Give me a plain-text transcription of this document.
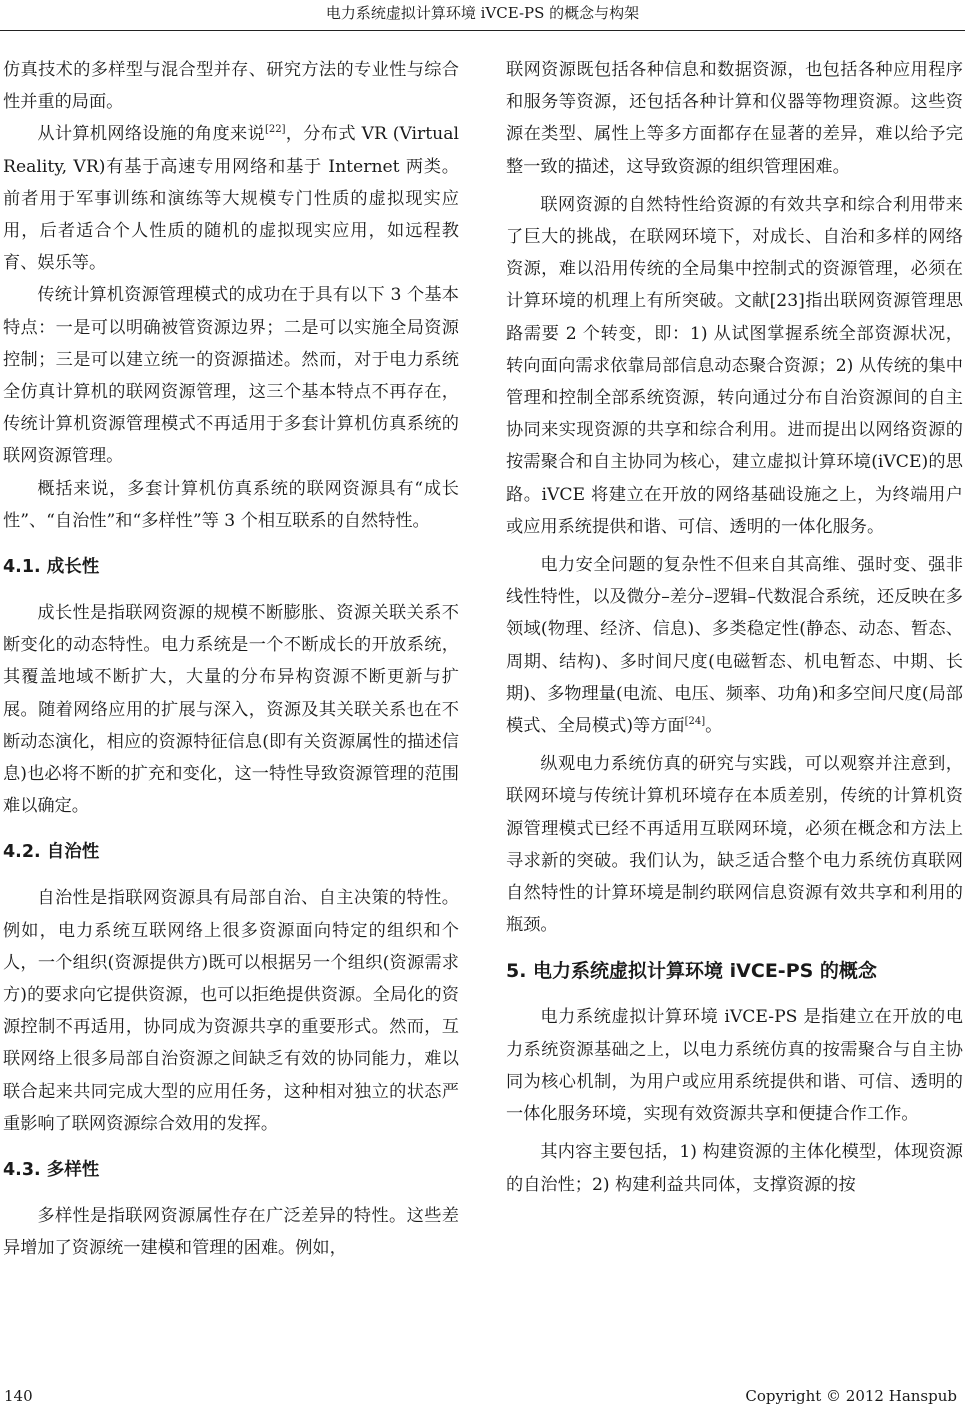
电力系统虚拟计算环境 iVCE-PS 的概念与构架

仿真技术的多样型与混合型并存、研究方法的专业性与综合性并重的局面。

从计算机网络设施的角度来说[22]，分布式 VR (Virtual Reality, VR)有基于高速专用网络和基于 Internet 两类。前者用于军事训练和演练等大规模专门性质的虚拟现实应用，后者适合个人性质的随机的虚拟现实应用，如远程教育、娱乐等。

传统计算机资源管理模式的成功在于具有以下 3 个基本特点：一是可以明确被管资源边界；二是可以实施全局资源控制；三是可以建立统一的资源描述。然而，对于电力系统全仿真计算机的联网资源管理，这三个基本特点不再存在，传统计算机资源管理模式不再适用于多套计算机仿真系统的联网资源管理。

概括来说，多套计算机仿真系统的联网资源具有“成长性”、“自治性”和“多样性”等 3 个相互联系的自然特性。

4.1. 成长性

成长性是指联网资源的规模不断膨胀、资源关联关系不断变化的动态特性。电力系统是一个不断成长的开放系统，其覆盖地域不断扩大，大量的分布异构资源不断更新与扩展。随着网络应用的扩展与深入，资源及其关联关系也在不断动态演化，相应的资源特征信息(即有关资源属性的描述信息)也必将不断的扩充和变化，这一特性导致资源管理的范围难以确定。

4.2. 自治性

自治性是指联网资源具有局部自治、自主决策的特性。例如，电力系统互联网络上很多资源面向特定的组织和个人，一个组织(资源提供方)既可以根据另一个组织(资源需求方)的要求向它提供资源，也可以拒绝提供资源。全局化的资源控制不再适用，协同成为资源共享的重要形式。然而，互联网络上很多局部自治资源之间缺乏有效的协同能力，难以联合起来共同完成大型的应用任务，这种相对独立的状态严重影响了联网资源综合效用的发挥。

4.3. 多样性

多样性是指联网资源属性存在广泛差异的特性。这些差异增加了资源统一建模和管理的困难。例如，

联网资源既包括各种信息和数据资源，也包括各种应用程序和服务等资源，还包括各种计算和仪器等物理资源。这些资源在类型、属性上等多方面都存在显著的差异，难以给予完整一致的描述，这导致资源的组织管理困难。

联网资源的自然特性给资源的有效共享和综合利用带来了巨大的挑战，在联网环境下，对成长、自治和多样的网络资源，难以沿用传统的全局集中控制式的资源管理，必须在计算环境的机理上有所突破。文献[23]指出联网资源管理思路需要 2 个转变，即：1) 从试图掌握系统全部资源状况，转向面向需求依靠局部信息动态聚合资源；2) 从传统的集中管理和控制全部系统资源，转向通过分布自治资源间的自主协同来实现资源的共享和综合利用。进而提出以网络资源的按需聚合和自主协同为核心，建立虚拟计算环境(iVCE)的思路。iVCE 将建立在开放的网络基础设施之上，为终端用户或应用系统提供和谐、可信、透明的一体化服务。

电力安全问题的复杂性不但来自其高维、强时变、强非线性特性，以及微分–差分–逻辑–代数混合系统，还反映在多领域(物理、经济、信息)、多类稳定性(静态、动态、暂态、周期、结构)、多时间尺度(电磁暂态、机电暂态、中期、长期)、多物理量(电流、电压、频率、功角)和多空间尺度(局部模式、全局模式)等方面[24]。

纵观电力系统仿真的研究与实践，可以观察并注意到，联网环境与传统计算机环境存在本质差别，传统的计算机资源管理模式已经不再适用互联网环境，必须在概念和方法上寻求新的突破。我们认为，缺乏适合整个电力系统仿真联网自然特性的计算环境是制约联网信息资源有效共享和利用的瓶颈。

5. 电力系统虚拟计算环境 iVCE-PS 的概念

电力系统虚拟计算环境 iVCE-PS 是指建立在开放的电力系统资源基础之上，以电力系统仿真的按需聚合与自主协同为核心机制，为用户或应用系统提供和谐、可信、透明的一体化服务环境，实现有效资源共享和便捷合作工作。

其内容主要包括，1) 构建资源的主体化模型，体现资源的自治性；2) 构建利益共同体，支撑资源的按

140	Copyright © 2012 Hanspub
